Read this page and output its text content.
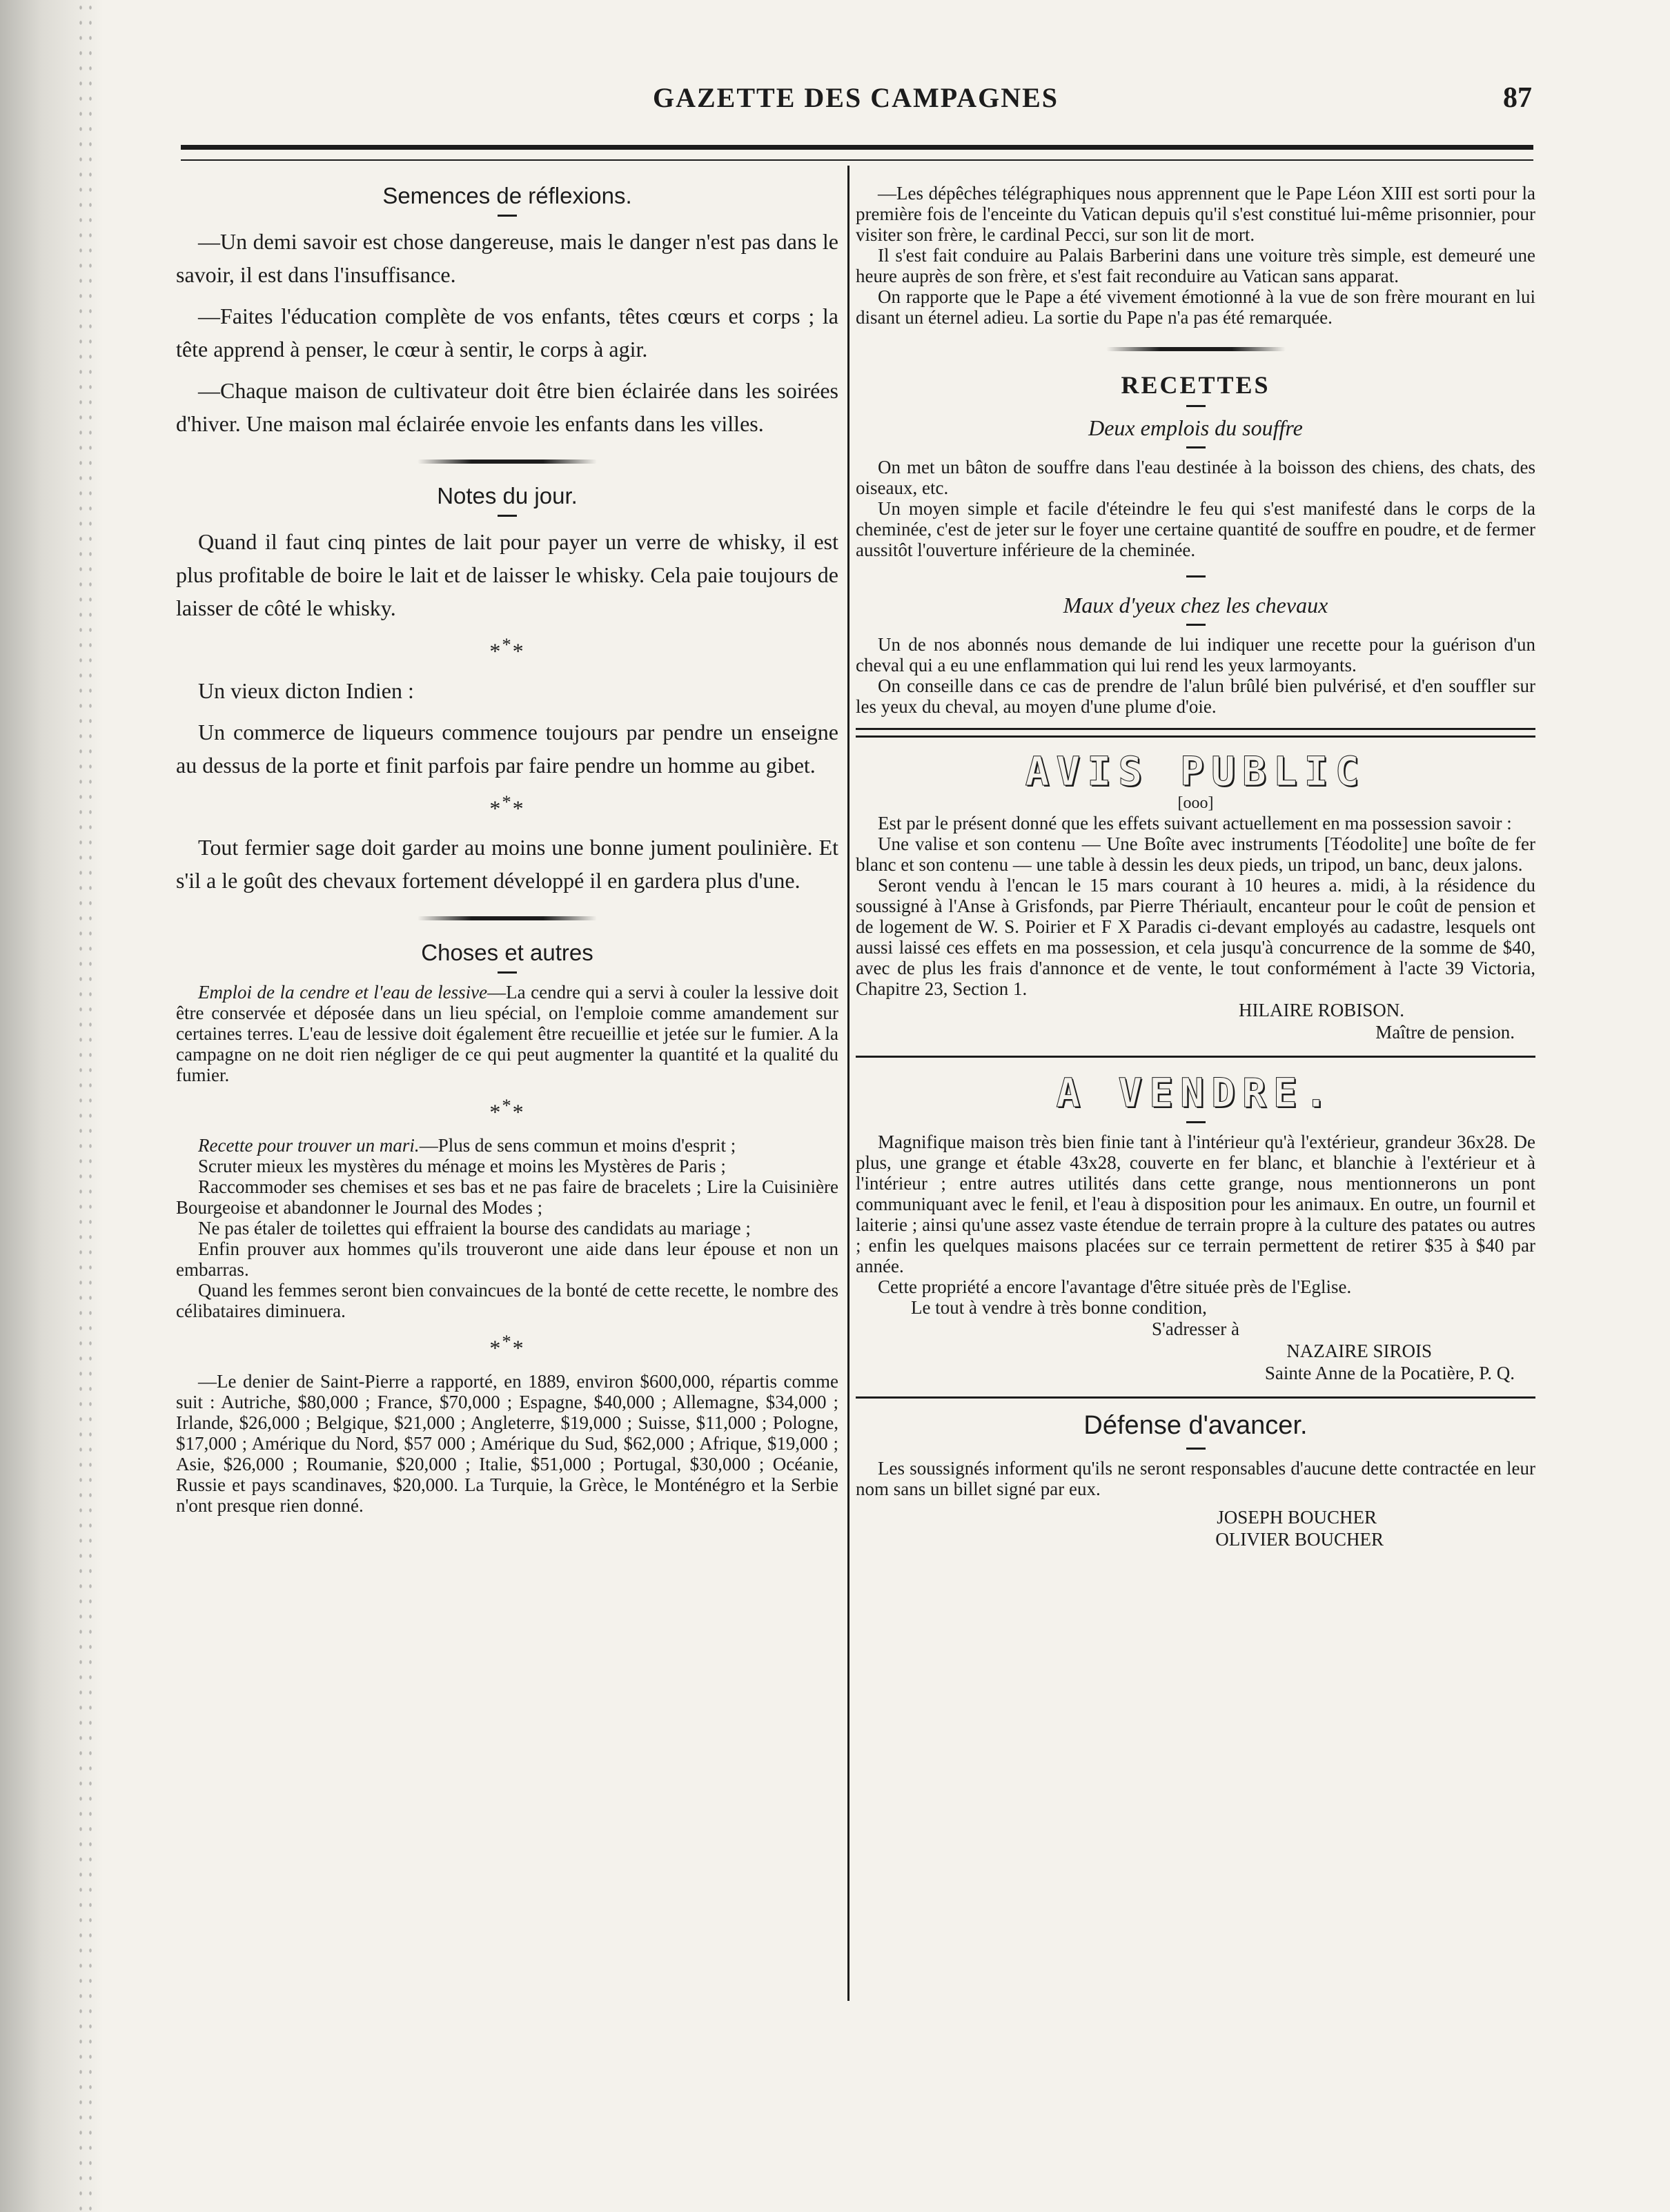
GAZETTE DES CAMPAGNES	87
Semences de réflexions.

—Un demi savoir est chose dangereuse, mais le danger n'est pas dans le savoir, il est dans l'insuffisance.

—Faites l'éducation complète de vos enfants, têtes cœurs et corps ; la tête apprend à penser, le cœur à sentir, le corps à agir.

—Chaque maison de cultivateur doit être bien éclairée dans les soirées d'hiver. Une maison mal éclairée envoie les enfants dans les villes.

Notes du jour.

Quand il faut cinq pintes de lait pour payer un verre de whisky, il est plus profitable de boire le lait et de laisser le whisky. Cela paie toujours de laisser de côté le whisky.

***

Un vieux dicton Indien :

Un commerce de liqueurs commence toujours par pendre un enseigne au dessus de la porte et finit parfois par faire pendre un homme au gibet.

***

Tout fermier sage doit garder au moins une bonne jument poulinière. Et s'il a le goût des chevaux fortement développé il en gardera plus d'une.

Choses et autres

Emploi de la cendre et l'eau de lessive—La cendre qui a servi à couler la lessive doit être conservée et déposée dans un lieu spécial, on l'emploie comme amandement sur certaines terres. L'eau de lessive doit également être recueillie et jetée sur le fumier. A la campagne on ne doit rien négliger de ce qui peut augmenter la quantité et la qualité du fumier.

***

Recette pour trouver un mari.—Plus de sens commun et moins d'esprit ;

Scruter mieux les mystères du ménage et moins les Mystères de Paris ;

Raccommoder ses chemises et ses bas et ne pas faire de bracelets ; Lire la Cuisinière Bourgeoise et abandonner le Journal des Modes ;

Ne pas étaler de toilettes qui effraient la bourse des candidats au mariage ;

Enfin prouver aux hommes qu'ils trouveront une aide dans leur épouse et non un embarras.

Quand les femmes seront bien convaincues de la bonté de cette recette, le nombre des célibataires diminuera.

***

—Le denier de Saint-Pierre a rapporté, en 1889, environ $600,000, répartis comme suit : Autriche, $80,000 ; France, $70,000 ; Espagne, $40,000 ; Allemagne, $34,000 ; Irlande, $26,000 ; Belgique, $21,000 ; Angleterre, $19,000 ; Suisse, $11,000 ; Pologne, $17,000 ; Amérique du Nord, $57 000 ; Amérique du Sud, $62,000 ; Afrique, $19,000 ; Asie, $26,000 ; Roumanie, $20,000 ; Italie, $51,000 ; Portugal, $30,000 ; Océanie, Russie et pays scandinaves, $20,000. La Turquie, la Grèce, le Monténégro et la Serbie n'ont presque rien donné.

—Les dépêches télégraphiques nous apprennent que le Pape Léon XIII est sorti pour la première fois de l'enceinte du Vatican depuis qu'il s'est constitué lui-même prisonnier, pour visiter son frère, le cardinal Pecci, sur son lit de mort.

Il s'est fait conduire au Palais Barberini dans une voiture très simple, est demeuré une heure auprès de son frère, et s'est fait reconduire au Vatican sans apparat.

On rapporte que le Pape a été vivement émotionné à la vue de son frère mourant en lui disant un éternel adieu. La sortie du Pape n'a pas été remarquée.

RECETTES
Deux emplois du souffre

On met un bâton de souffre dans l'eau destinée à la boisson des chiens, des chats, des oiseaux, etc.

Un moyen simple et facile d'éteindre le feu qui s'est manifesté dans le corps de la cheminée, c'est de jeter sur le foyer une certaine quantité de souffre en poudre, et de fermer aussitôt l'ouverture inférieure de la cheminée.

Maux d'yeux chez les chevaux

Un de nos abonnés nous demande de lui indiquer une recette pour la guérison d'un cheval qui a eu une enflammation qui lui rend les yeux larmoyants.

On conseille dans ce cas de prendre de l'alun brûlé bien pulvérisé, et d'en souffler sur les yeux du cheval, au moyen d'une plume d'oie.

AVIS PUBLIC
[ooo]

Est par le présent donné que les effets suivant actuellement en ma possession savoir :

Une valise et son contenu — Une Boîte avec instruments [Téodolite] une boîte de fer blanc et son contenu — une table à dessin les deux pieds, un tripod, un banc, deux jalons.

Seront vendu à l'encan le 15 mars courant à 10 heures a. midi, à la résidence du soussigné à l'Anse à Grisfonds, par Pierre Thériault, encanteur pour le coût de pension et de logement de W. S. Poirier et F X Paradis ci-devant employés au cadastre, lesquels ont aussi laissé ces effets en ma possession, et cela jusqu'à concurrence de la somme de $40, avec de plus les frais d'annonce et de vente, le tout conformément à l'acte 39 Victoria, Chapitre 23, Section 1.

HILAIRE ROBISON.
Maître de pension.
A VENDRE.

Magnifique maison très bien finie tant à l'intérieur qu'à l'extérieur, grandeur 36x28. De plus, une grange et étable 43x28, couverte en fer blanc, et blanchie à l'extérieur et à l'intérieur ; entre autres utilités dans cette grange, nous mentionnerons un pont communiquant avec le fenil, et l'eau à disposition pour les animaux. En outre, un fournil et laiterie ; ainsi qu'une assez vaste étendue de terrain propre à la culture des patates ou autres ; enfin les quelques maisons placées sur ce terrain permettent de retirer $35 à $40 par année.

Cette propriété a encore l'avantage d'être située près de l'Eglise.

Le tout à vendre à très bonne condition,

S'adresser à
NAZAIRE SIROIS
Sainte Anne de la Pocatière, P. Q.
Défense d'avancer.

Les soussignés informent qu'ils ne seront responsables d'aucune dette contractée en leur nom sans un billet signé par eux.

JOSEPH BOUCHER
OLIVIER BOUCHER
